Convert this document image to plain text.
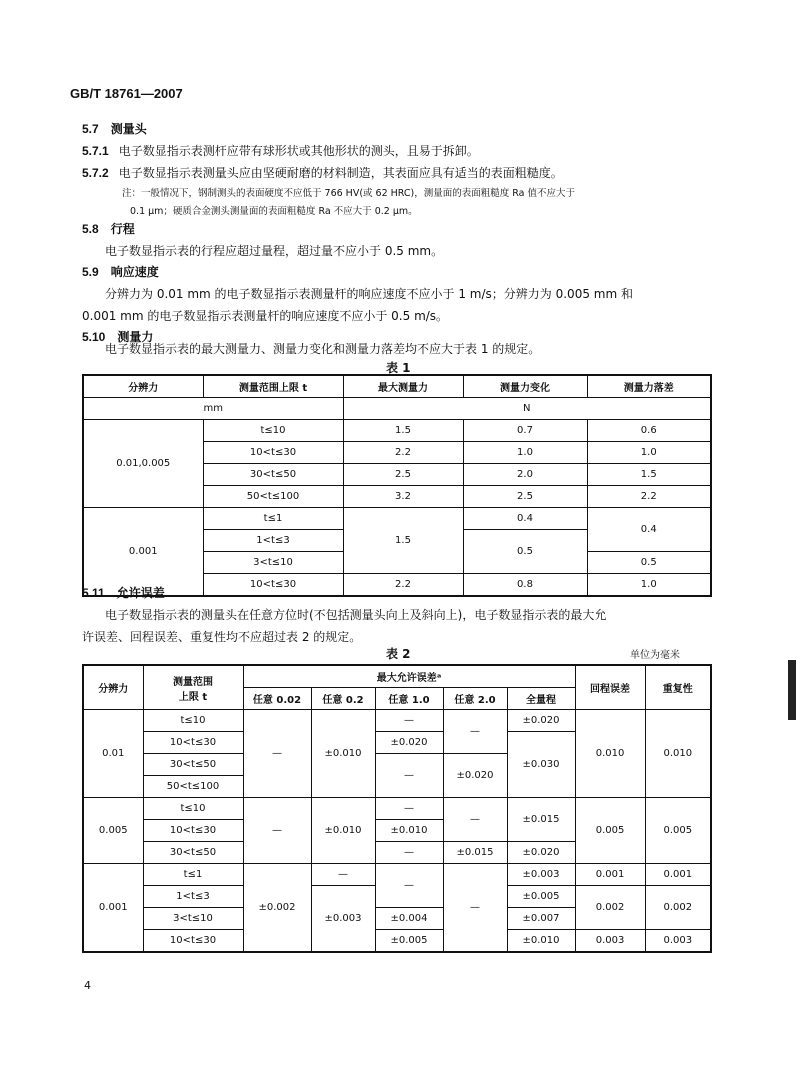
GB/T 18761—2007
5.7 测量头
5.7.1 电子数显指示表测杆应带有球形状或其他形状的测头，且易于拆卸。
5.7.2 电子数显指示表测量头应由坚硬耐磨的材料制造，其表面应具有适当的表面粗糙度。
注：一般情况下，钢制测头的表面硬度不应低于 766 HV(或 62 HRC)，测量面的表面粗糙度 Ra 值不应大于
0.1 μm；硬质合金测头测量面的表面粗糙度 Ra 不应大于 0.2 μm。
5.8 行程
电子数显指示表的行程应超过量程，超过量不应小于 0.5 mm。
5.9 响应速度
分辨力为 0.01 mm 的电子数显指示表测量杆的响应速度不应小于 1 m/s；分辨力为 0.005 mm 和
0.001 mm 的电子数显指示表测量杆的响应速度不应小于 0.5 m/s。
5.10 测量力
电子数显指示表的最大测量力、测量力变化和测量力落差均不应大于表 1 的规定。
表 1
分辨力	测量范围上限 t	最大测量力	测量力变化	测量力落差
mm		N		
0.01,0.005	t≤10	1.5	0.7	0.6
	10<t≤30	2.2	1.0	1.0
	30<t≤50	2.5	2.0	1.5
	50<t≤100	3.2	2.5	2.2
0.001	t≤1	1.5	0.4	0.4
	1<t≤3		0.5	
	3<t≤10			0.5
	10<t≤30	2.2	0.8	1.0
5.11 允许误差
电子数显指示表的测量头在任意方位时(不包括测量头向上及斜向上)，电子数显指示表的最大允
许误差、回程误差、重复性均不应超过表 2 的规定。
表 2	单位为毫米
分辨力	测量范围
上限 t	最大允许误差ᵃ					回程误差	重复性
		任意 0.02	任意 0.2	任意 1.0	任意 2.0	全量程		
0.01	t≤10	—	±0.010	—	—	±0.020	0.010	0.010
	10<t≤30			±0.020		±0.030		
	30<t≤50			—	±0.020			
	50<t≤100							
0.005	t≤10	—	±0.010	—	—	±0.015	0.005	0.005
	10<t≤30			±0.010				
	30<t≤50			—	±0.015	±0.020		
0.001	t≤1	±0.002	—	—	—	±0.003	0.001	0.001
	1<t≤3		±0.003			±0.005	0.002	0.002
	3<t≤10			±0.004		±0.007		
	10<t≤30			±0.005		±0.010	0.003	0.003
4
